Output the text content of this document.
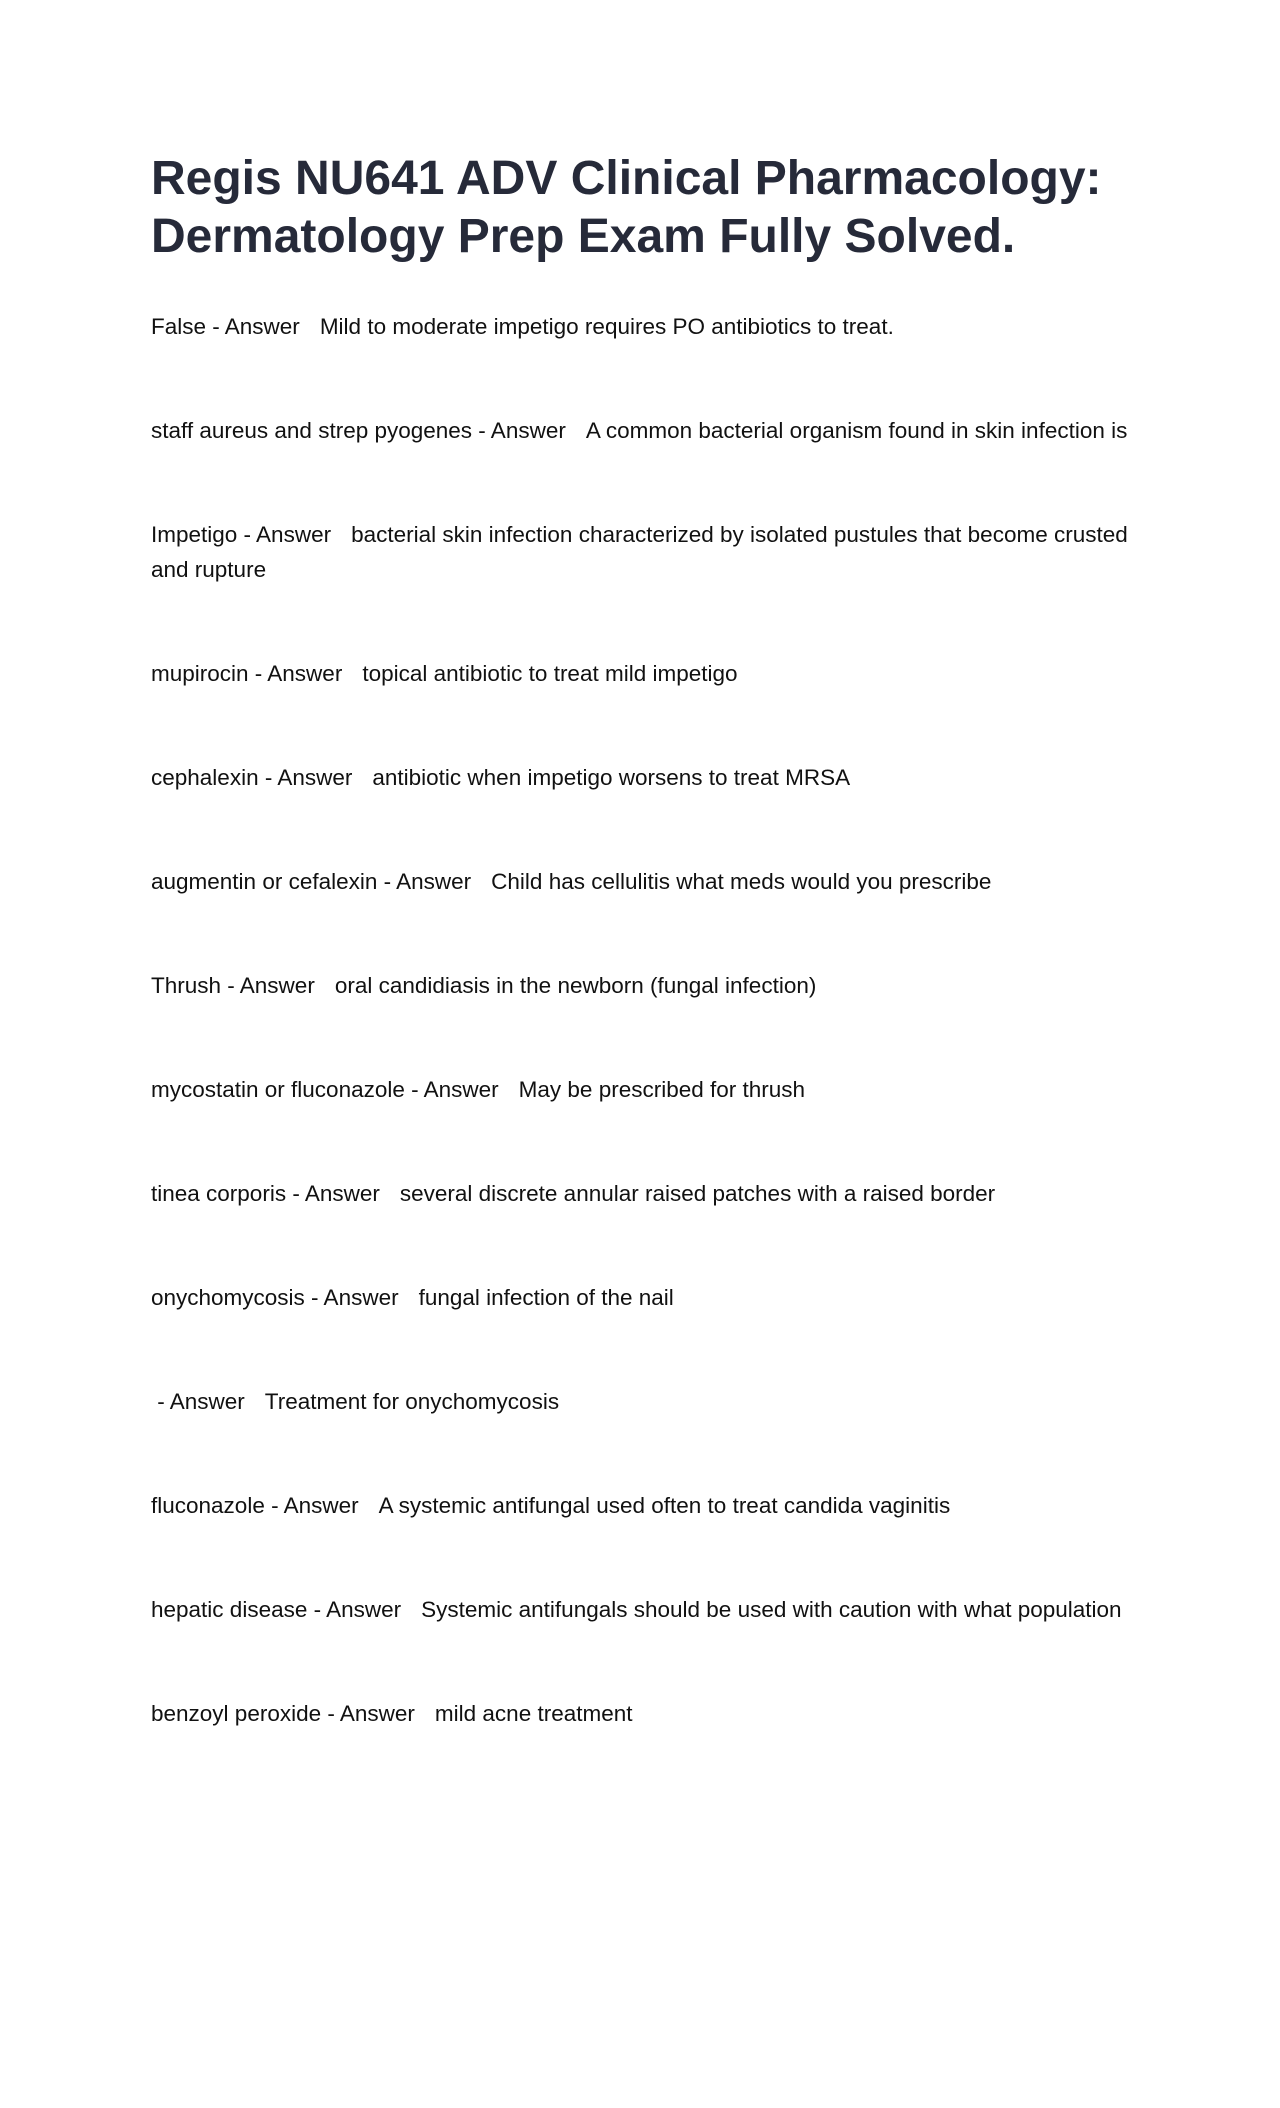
Regis NU641 ADV Clinical Pharmacology: Dermatology Prep Exam Fully Solved.

False - Answer Mild to moderate impetigo requires PO antibiotics to treat.

staff aureus and strep pyogenes - Answer A common bacterial organism found in skin infection is

Impetigo - Answer bacterial skin infection characterized by isolated pustules that become crusted and rupture

mupirocin - Answer topical antibiotic to treat mild impetigo

cephalexin - Answer antibiotic when impetigo worsens to treat MRSA

augmentin or cefalexin - Answer Child has cellulitis what meds would you prescribe

Thrush - Answer oral candidiasis in the newborn (fungal infection)

mycostatin or fluconazole - Answer May be prescribed for thrush

tinea corporis - Answer several discrete annular raised patches with a raised border

onychomycosis - Answer fungal infection of the nail

- Answer Treatment for onychomycosis

fluconazole - Answer A systemic antifungal used often to treat candida vaginitis

hepatic disease - Answer Systemic antifungals should be used with caution with what population

benzoyl peroxide - Answer mild acne treatment
